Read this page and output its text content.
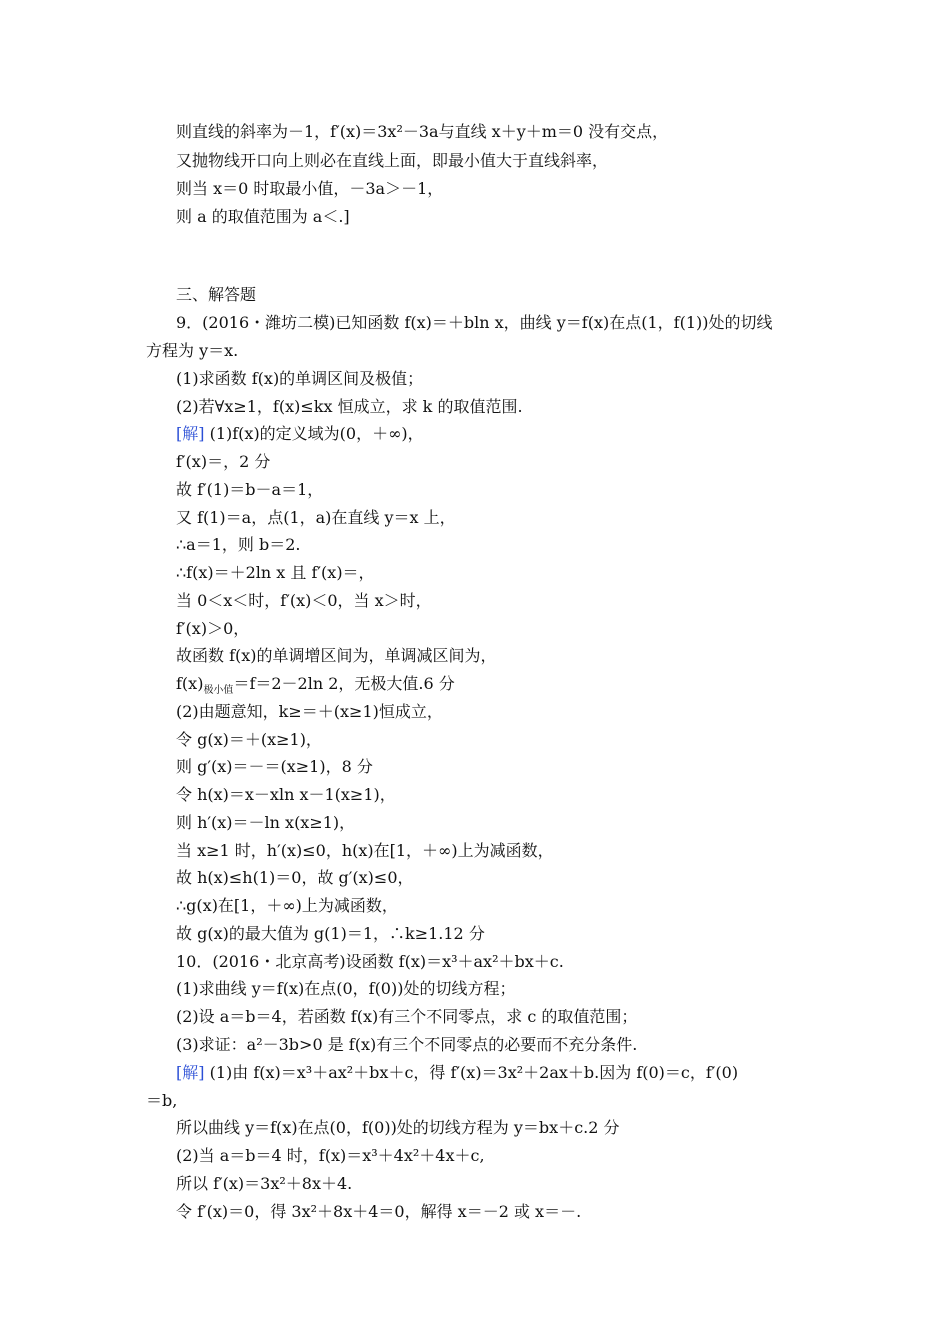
则直线的斜率为－1，f′(x)＝3x²－3a与直线 x＋y＋m＝0 没有交点，
又抛物线开口向上则必在直线上面，即最小值大于直线斜率，
则当 x＝0 时取最小值，－3a＞－1，
则 a 的取值范围为 a＜.]
三、解答题
9．(2016・潍坊二模)已知函数 f(x)＝＋bln x，曲线 y＝f(x)在点(1，f(1))处的切线
方程为 y＝x.
(1)求函数 f(x)的单调区间及极值；
(2)若∀x≥1，f(x)≤kx 恒成立，求 k 的取值范围.
[解] (1)f(x)的定义域为(0，＋∞)，
f′(x)＝，2 分
故 f′(1)＝b－a＝1，
又 f(1)＝a，点(1，a)在直线 y＝x 上，
∴a＝1，则 b＝2.
∴f(x)＝＋2ln x 且 f′(x)＝，
当 0＜x＜时，f′(x)＜0，当 x＞时，
f′(x)＞0，
故函数 f(x)的单调增区间为，单调减区间为，
$f(x)_{极小值}=f=2-2\ln$ 2，无极大值.6 分
(2)由题意知，k≥＝＋(x≥1)恒成立，
令 g(x)＝＋(x≥1)，
则 g′(x)＝－＝(x≥1)，8 分
令 h(x)＝x－xln x－1(x≥1)，
则 h′(x)＝－ln x(x≥1)，
当 x≥1 时，h′(x)≤0，h(x)在[1，＋∞)上为减函数，
故 h(x)≤h(1)＝0，故 g′(x)≤0，
∴g(x)在[1，＋∞)上为减函数，
故 g(x)的最大值为 g(1)＝1，∴k≥1.12 分
10．(2016・北京高考)设函数 f(x)＝x³＋ax²＋bx＋c.
(1)求曲线 y＝f(x)在点(0，f(0))处的切线方程；
(2)设 a＝b＝4，若函数 f(x)有三个不同零点，求 c 的取值范围；
(3)求证：a²－3b>0 是 f(x)有三个不同零点的必要而不充分条件.
[解] (1)由 f(x)＝x³＋ax²＋bx＋c，得 f′(x)＝3x²＋2ax＋b.因为 f(0)＝c，f′(0)
＝b,
所以曲线 y＝f(x)在点(0，f(0))处的切线方程为 y＝bx＋c.2 分
(2)当 a＝b＝4 时，f(x)＝x³＋4x²＋4x＋c,
所以 f′(x)＝3x²＋8x＋4.
令 f′(x)＝0，得 3x²＋8x＋4＝0，解得 x＝－2 或 x＝－.
